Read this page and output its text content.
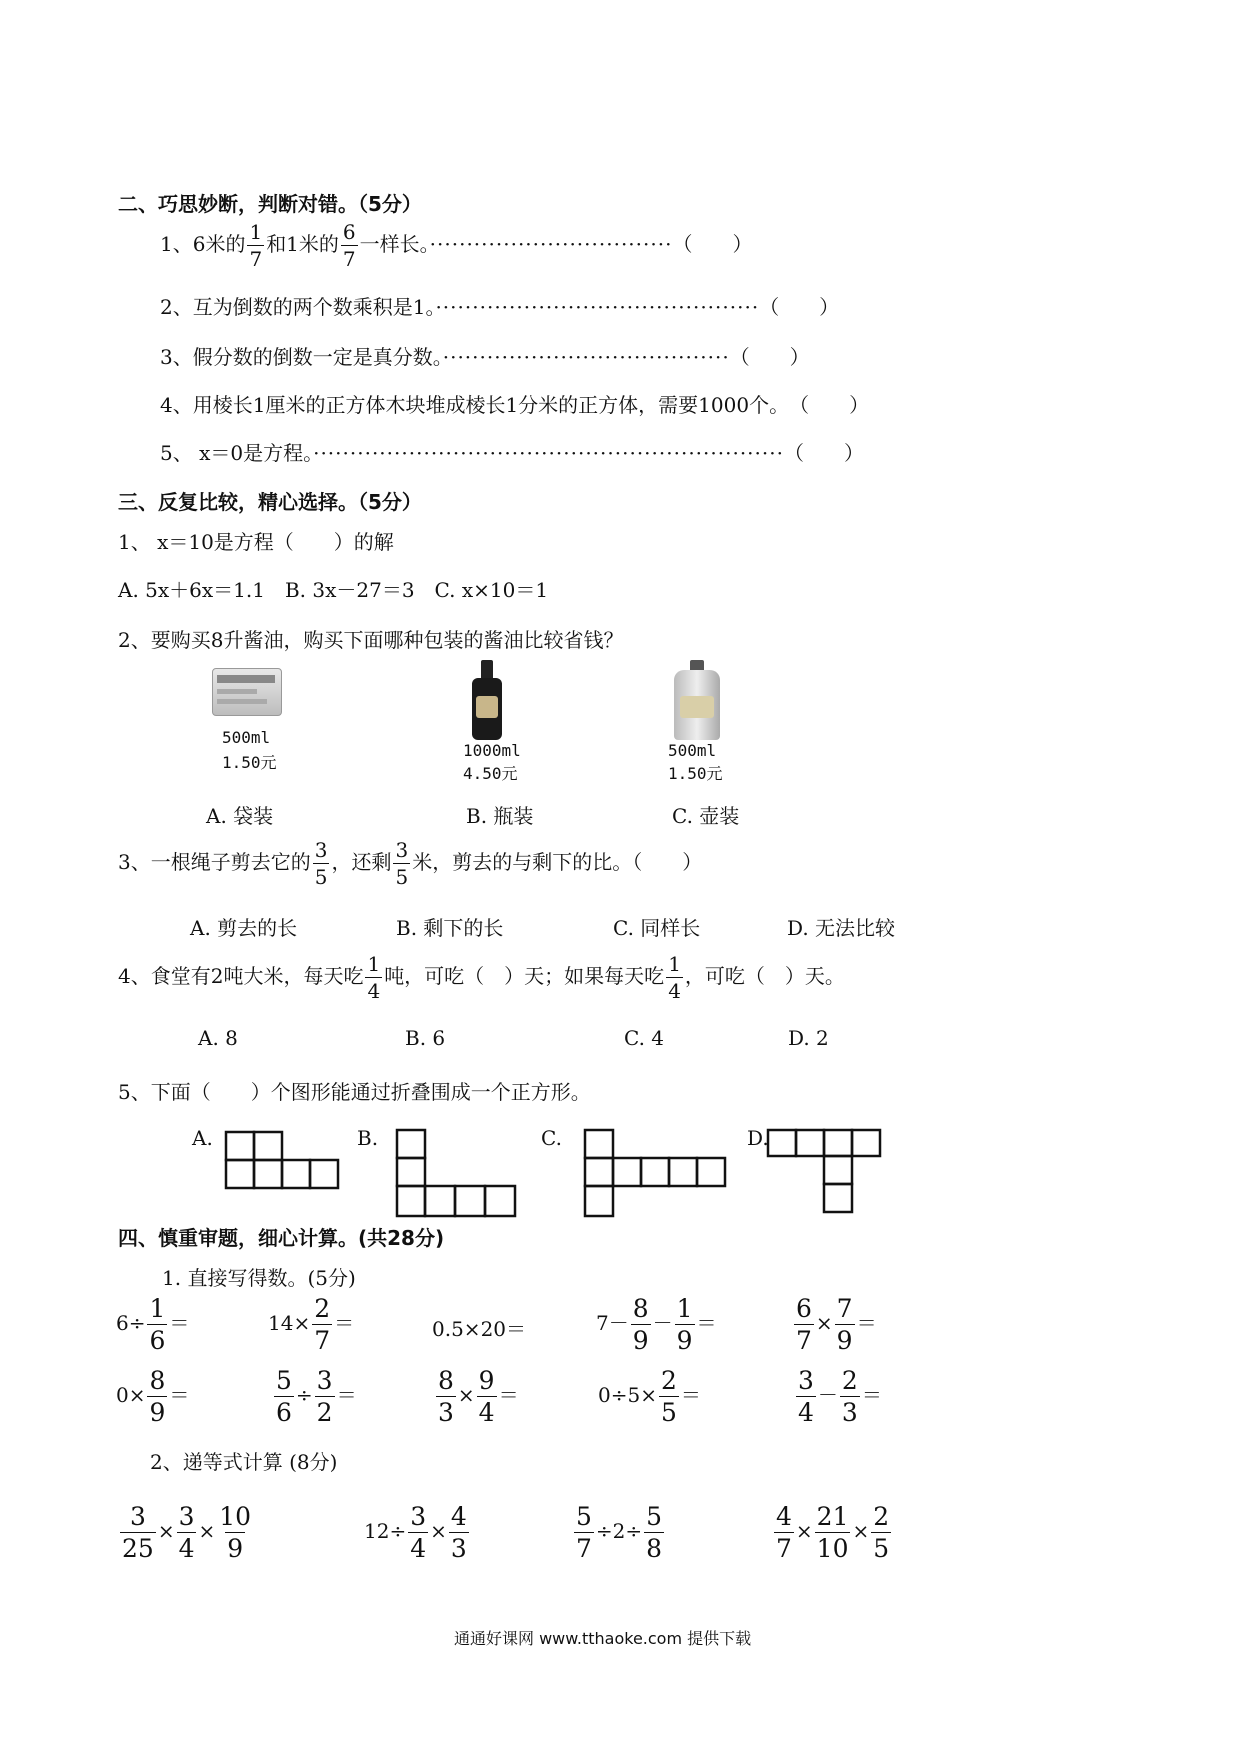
二、巧思妙断，判断对错。（5分）
1、6米的 $\frac{1}{7}$ 和1米的 $\frac{6}{7}$ 一样长。·································（　　）
2、互为倒数的两个数乘积是1。············································（　　）
3、假分数的倒数一定是真分数。·······································（　　）
4、用棱长1厘米的正方体木块堆成棱长1分米的正方体，需要1000个。（　　）
5、 x＝0是方程。································································（　　）
三、反复比较，精心选择。（5分）
1、 x＝10是方程（　　）的解
A. 5x＋6x＝1.1　B. 3x－27＝3　C. x×10＝1
2、要购买8升酱油，购买下面哪种包装的酱油比较省钱？
500ml
1.50元
1000ml
4.50元
500ml
1.50元
A. 袋装	B. 瓶装	C. 壶装
3、一根绳子剪去它的 $\frac{3}{5}$ ，还剩 $\frac{3}{5}$ 米，剪去的与剩下的比。（　　）
A. 剪去的长	B. 剩下的长	C. 同样长	D. 无法比较
4、食堂有2吨大米，每天吃 $\frac{1}{4}$ 吨，可吃（　）天；如果每天吃 $\frac{1}{4}$ ，可吃（　）天。
A. 8	B. 6	C. 4	D. 2
5、下面（　　）个图形能通过折叠围成一个正方形。
A.	B.	C.	D.
四、慎重审题，细心计算。(共28分)
1. 直接写得数。(5分)
$6\div \frac{1}{6}$ ＝	$14\times \frac{2}{7}$ ＝	0.5×20＝	$7- \frac{8}{9} - \frac{1}{9}$ ＝	$\frac{6}{7} \times \frac{7}{9}$ ＝
$0\times \frac{8}{9}$ ＝	$\frac{5}{6} \div \frac{3}{2}$ ＝	$\frac{8}{3} \times \frac{9}{4}$ ＝	$0\div 5\times \frac{2}{5}$ ＝	$\frac{3}{4} - \frac{2}{3}$ ＝
2、递等式计算 (8分)
$\frac{3}{25} \times \frac{3}{4} \times \frac{10}{9}$	$12\div \frac{3}{4} \times \frac{4}{3}$	$\frac{5}{7} \div 2\div \frac{5}{8}$	$\frac{4}{7} \times \frac{21}{10} \times \frac{2}{5}$
通通好课网 www.tthaoke.com 提供下载
